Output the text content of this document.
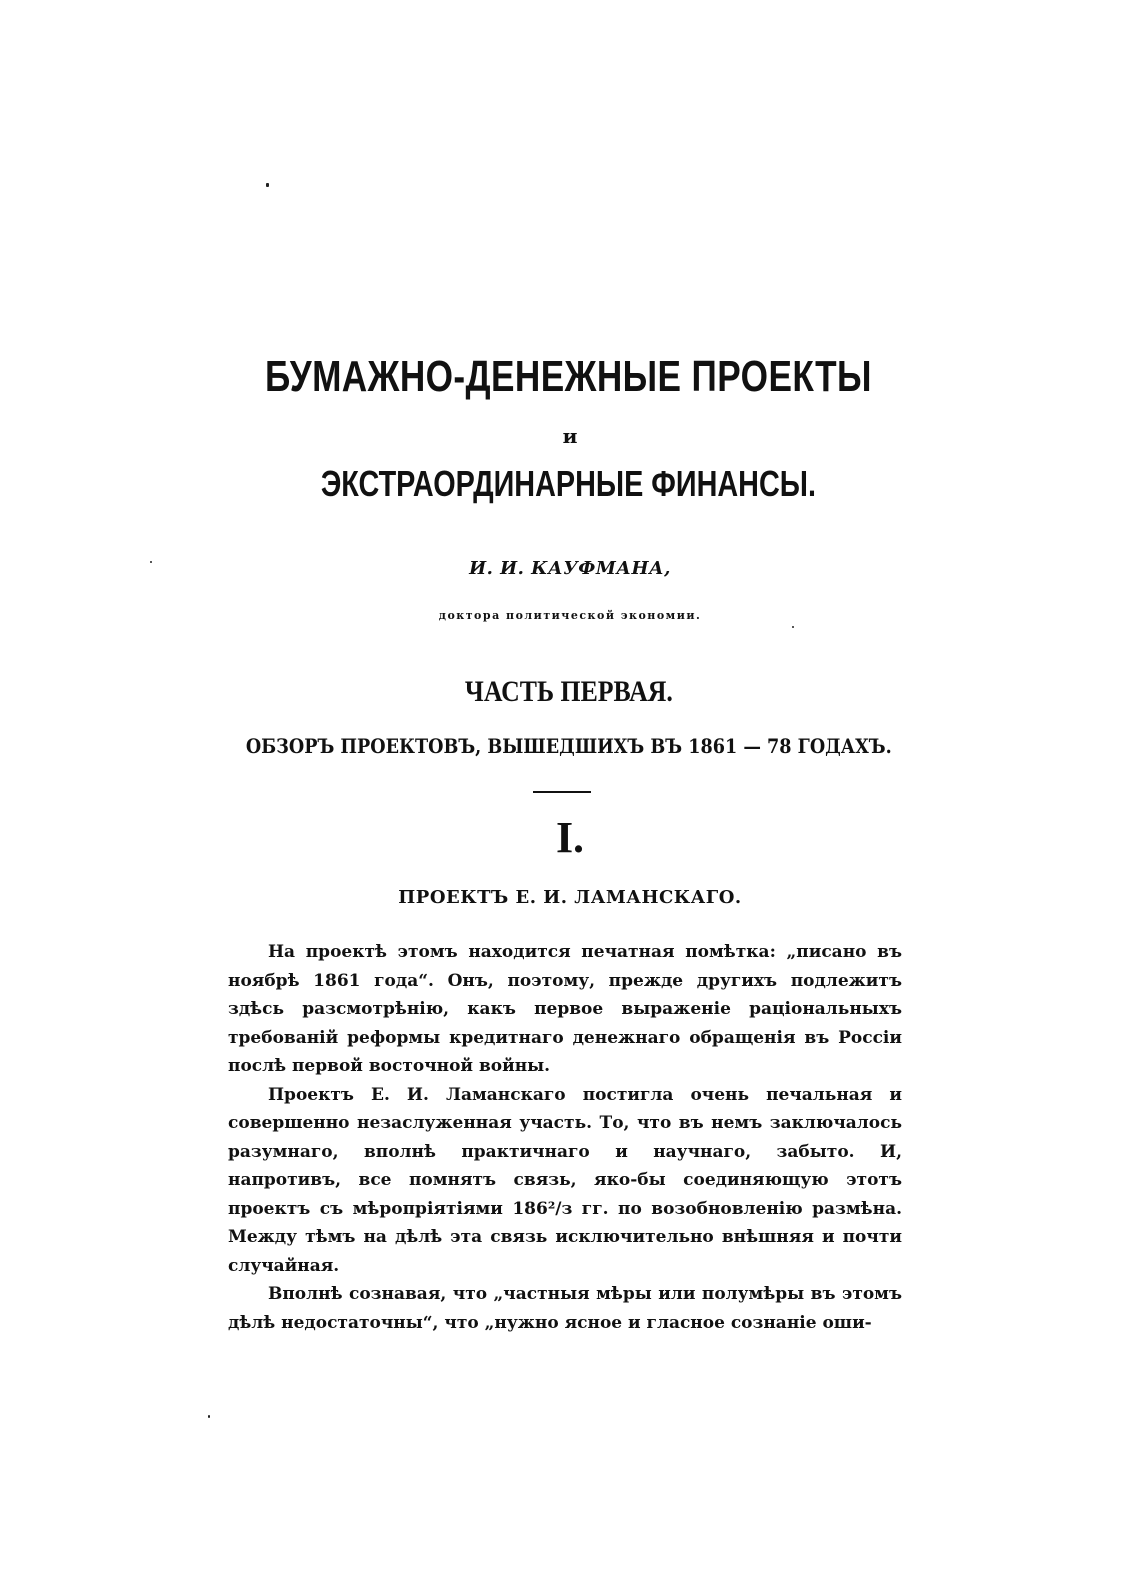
БУМАЖНО-ДЕНЕЖНЫЕ ПРОЕКТЫ
и
ЭКСТРАОРДИНАРНЫЕ ФИНАНСЫ.
И. И. КАУФМАНА,
доктора политической экономии.
ЧАСТЬ ПЕРВАЯ.
ОБЗОРЪ ПРОЕКТОВЪ, ВЫШЕДШИХЪ ВЪ 1861 — 78 ГОДАХЪ.
I.
ПРОЕКТЪ Е. И. ЛАМАНСКАГО.

На проектѣ этомъ находится печатная помѣтка: „писано въ ноябрѣ 1861 года“. Онъ, поэтому, прежде другихъ подлежитъ здѣсь разсмотрѣнію, какъ первое выраженіе раціональныхъ требованій реформы кредитнаго денежнаго обращенія въ Россіи послѣ первой восточной войны.

Проектъ Е. И. Ламанскаго постигла очень печальная и совершенно незаслуженная участь. То, что въ немъ заключалось разумнаго, вполнѣ практичнаго и научнаго, забыто. И, напротивъ, все помнятъ связь, яко-бы соединяющую этотъ проектъ съ мѣропріятіями 186²/з гг. по возобновленію размѣна. Между тѣмъ на дѣлѣ эта связь исключительно внѣшняя и почти случайная.

Вполнѣ сознавая, что „частныя мѣры или полумѣры въ этомъ дѣлѣ недостаточны“, что „нужно ясное и гласное сознаніе оши-
